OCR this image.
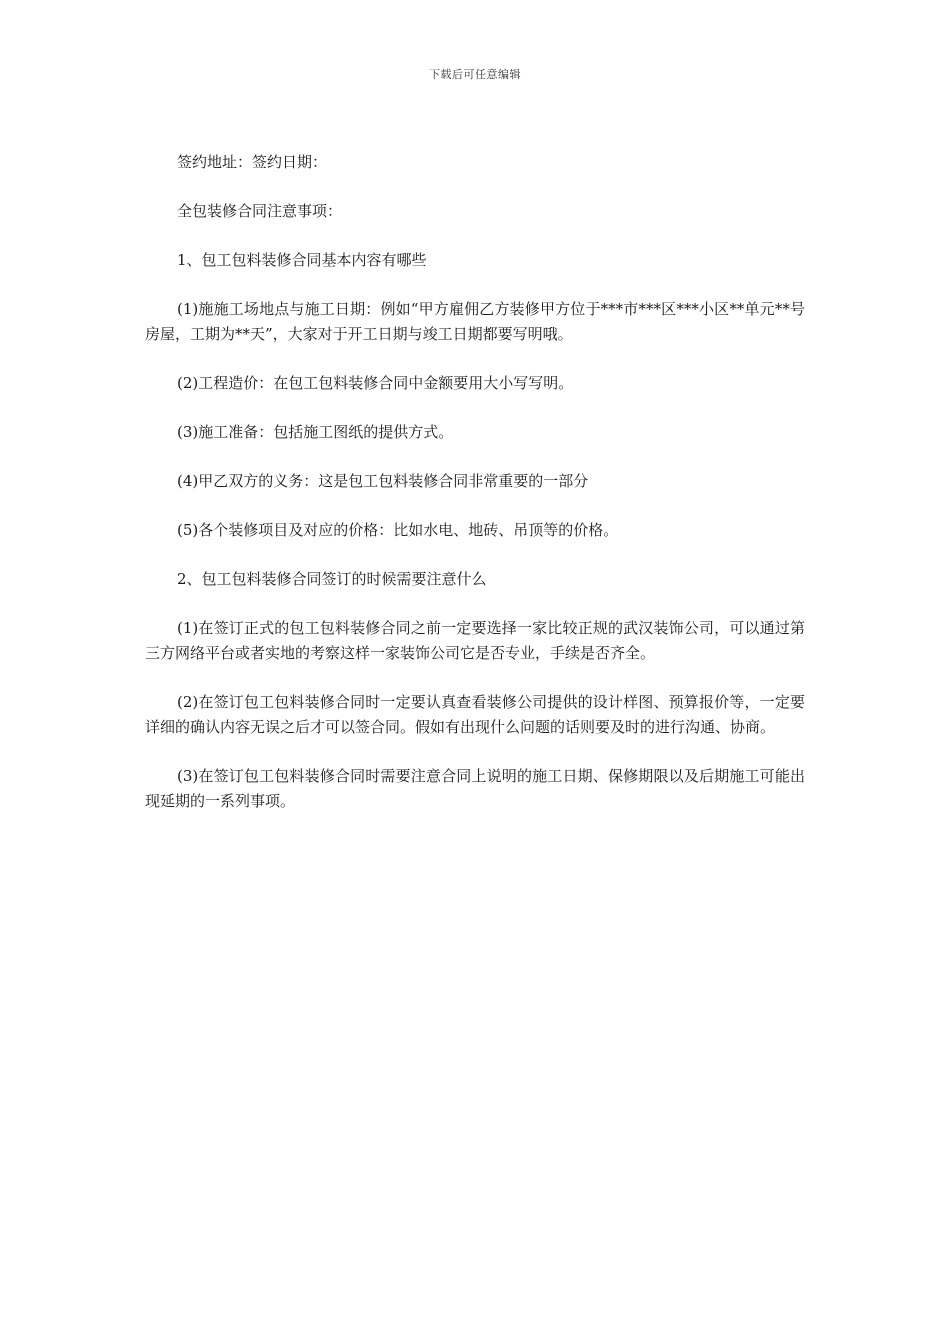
下载后可任意编辑

签约地址：签约日期：

全包装修合同注意事项：

1、包工包料装修合同基本内容有哪些

(1)施施工场地点与施工日期：例如“甲方雇佣乙方装修甲方位于***市***区***小区**单元**号房屋，工期为**天”，大家对于开工日期与竣工日期都要写明哦。

(2)工程造价：在包工包料装修合同中金额要用大小写写明。

(3)施工准备：包括施工图纸的提供方式。

(4)甲乙双方的义务：这是包工包料装修合同非常重要的一部分

(5)各个装修项目及对应的价格：比如水电、地砖、吊顶等的价格。

2、包工包料装修合同签订的时候需要注意什么

(1)在签订正式的包工包料装修合同之前一定要选择一家比较正规的武汉装饰公司，可以通过第三方网络平台或者实地的考察这样一家装饰公司它是否专业，手续是否齐全。

(2)在签订包工包料装修合同时一定要认真查看装修公司提供的设计样图、预算报价等，一定要详细的确认内容无误之后才可以签合同。假如有出现什么问题的话则要及时的进行沟通、协商。

(3)在签订包工包料装修合同时需要注意合同上说明的施工日期、保修期限以及后期施工可能出现延期的一系列事项。
